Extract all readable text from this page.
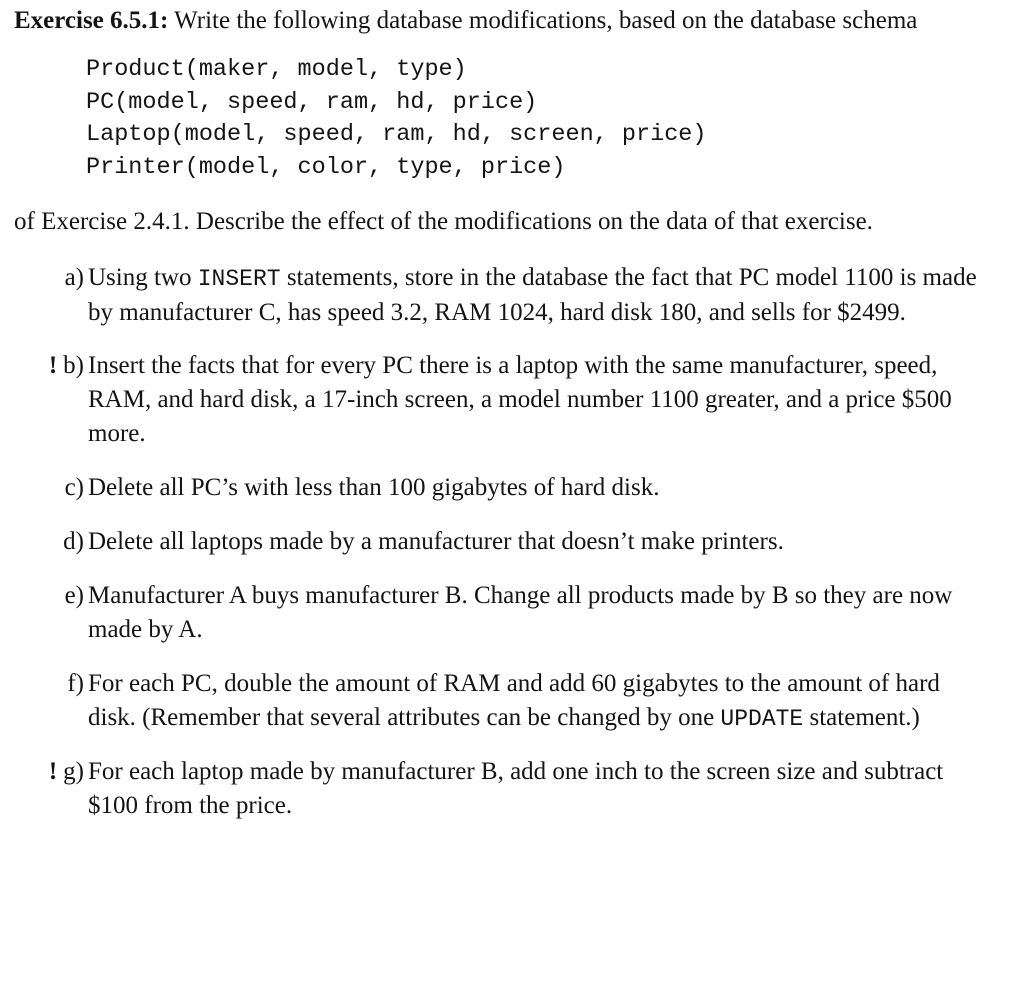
Exercise 6.5.1: Write the following database modifications, based on the database schema

Product(maker, model, type)
PC(model, speed, ram, hd, price)
Laptop(model, speed, ram, hd, screen, price)
Printer(model, color, type, price)

of Exercise 2.4.1. Describe the effect of the modifications on the data of that exercise.

a) Using two INSERT statements, store in the database the fact that PC model 1100 is made by manufacturer C, has speed 3.2, RAM 1024, hard disk 180, and sells for $2499.
! b) Insert the facts that for every PC there is a laptop with the same manufacturer, speed, RAM, and hard disk, a 17-inch screen, a model number 1100 greater, and a price $500 more.
c) Delete all PC’s with less than 100 gigabytes of hard disk.
d) Delete all laptops made by a manufacturer that doesn’t make printers.
e) Manufacturer A buys manufacturer B. Change all products made by B so they are now made by A.
f) For each PC, double the amount of RAM and add 60 gigabytes to the amount of hard disk. (Remember that several attributes can be changed by one UPDATE statement.)
! g) For each laptop made by manufacturer B, add one inch to the screen size and subtract $100 from the price.
